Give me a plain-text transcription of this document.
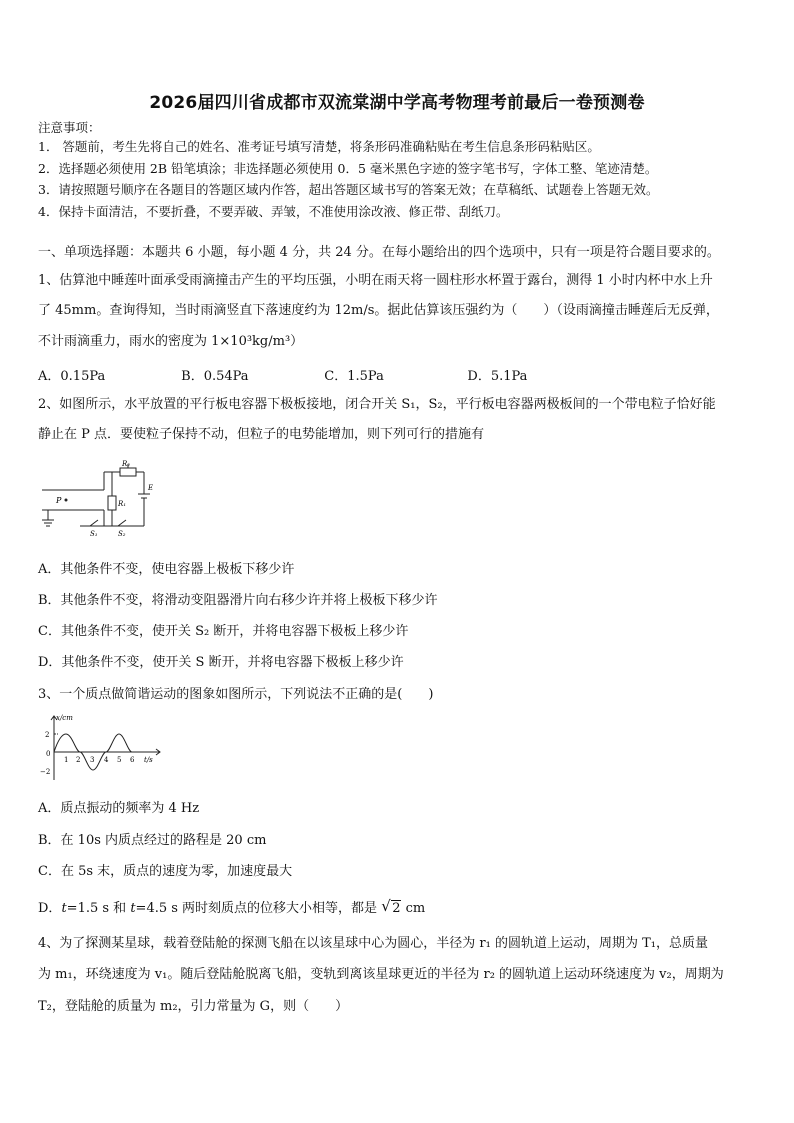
2026届四川省成都市双流棠湖中学高考物理考前最后一卷预测卷
注意事项：
1． 答题前，考生先将自己的姓名、准考证号填写清楚，将条形码准确粘贴在考生信息条形码粘贴区。
2．选择题必须使用 2B 铅笔填涂；非选择题必须使用 0．5 毫米黑色字迹的签字笔书写，字体工整、笔迹清楚。
3．请按照题号顺序在各题目的答题区域内作答，超出答题区域书写的答案无效；在草稿纸、试题卷上答题无效。
4．保持卡面清洁，不要折叠，不要弄破、弄皱，不准使用涂改液、修正带、刮纸刀。
一、单项选择题：本题共 6 小题，每小题 4 分，共 24 分。在每小题给出的四个选项中，只有一项是符合题目要求的。
1、估算池中睡莲叶面承受雨滴撞击产生的平均压强，小明在雨天将一圆柱形水杯置于露台，测得 1 小时内杯中水上升
了 45mm。查询得知，当时雨滴竖直下落速度约为 12m/s。据此估算该压强约为（　　）（设雨滴撞击睡莲后无反弹，
不计雨滴重力，雨水的密度为 1×10³kg/m³）
A．0.15Pa	B．0.54Pa	C．1.5Pa	D．5.1Pa
2、如图所示，水平放置的平行板电容器下极板接地，闭合开关 S₁，S₂，平行板电容器两极板间的一个带电粒子恰好能
静止在 P 点．要使粒子保持不动，但粒子的电势能增加，则下列可行的措施有
P
R₂
R₁
E
S₁	S₂
A．其他条件不变，使电容器上极板下移少许
B．其他条件不变，将滑动变阻器滑片向右移少许并将上极板下移少许
C．其他条件不变，使开关 S₂ 断开，并将电容器下极板上移少许
D．其他条件不变，使开关 S 断开，并将电容器下极板上移少许
3、一个质点做简谐运动的图象如图所示，下列说法不正确的是(　　)
x/cm
t/s
0
2
−2
1 2 3 4 5 6
A．质点振动的频率为 4 Hz
B．在 10s 内质点经过的路程是 20 cm
C．在 5s 末，质点的速度为零，加速度最大
D．t=1.5 s 和 t=4.5 s 两时刻质点的位移大小相等，都是 √ 2 cm
4、为了探测某星球，载着登陆舱的探测飞船在以该星球中心为圆心，半径为 r₁ 的圆轨道上运动，周期为 T₁，总质量
为 m₁，环绕速度为 v₁。随后登陆舱脱离飞船，变轨到离该星球更近的半径为 r₂ 的圆轨道上运动环绕速度为 v₂，周期为
T₂，登陆舱的质量为 m₂，引力常量为 G，则（　　）
